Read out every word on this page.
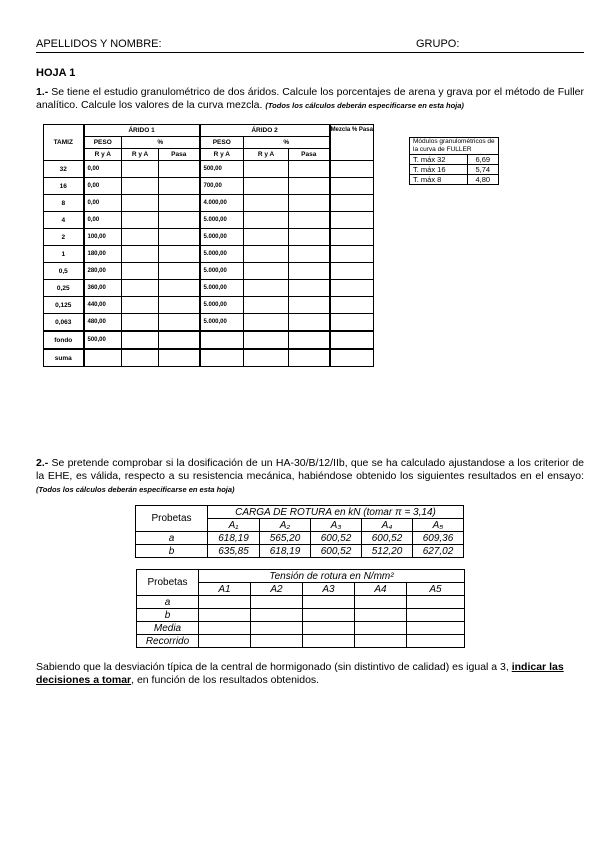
APELLIDOS Y NOMBRE:	GRUPO:
HOJA 1
1.- Se tiene el estudio granulométrico de dos áridos. Calcule los porcentajes de arena y grava por el método de Fuller analítico. Calcule los valores de la curva mezcla. (Todos los cálculos deberán especificarse en esta hoja)
TAMIZ	ÁRIDO 1			ÁRIDO 2			Mezcla % Pasa
	PESO	%		PESO	%		
	R y A	R y A	Pasa	R y A	R y A	Pasa	
32	0,00			500,00			
16	0,00			700,00			
8	0,00			4.000,00			
4	0,00			5.000,00			
2	100,00			5.000,00			
1	180,00			5.000,00			
0,5	280,00			5.000,00			
0,25	360,00			5.000,00			
0,125	440,00			5.000,00			
0,063	480,00			5.000,00			
fondo	500,00						
suma							
Módulos granulométricos de la curva de FULLER	
T. máx 32	6,69
T. máx 16	5,74
T. máx 8	4,80
2.- Se pretende comprobar si la dosificación de un HA-30/B/12/IIb, que se ha calculado ajustandose a los criterior de la EHE, es válida, respecto a su resistencia mecánica, habiéndose obtenido los siguientes resultados en el ensayo: (Todos los cálculos deberán especificarse en esta hoja)
Probetas	CARGA DE ROTURA en kN (tomar π = 3,14)				
	A₁	A₂	A₃	A₄	A₅
a	618,19	565,20	600,52	600,52	609,36
b	635,85	618,19	600,52	512,20	627,02
Probetas	Tensión de rotura en N/mm²				
	A1	A2	A3	A4	A5
a					
b					
Media					
Recorrido					
Sabiendo que la desviación típica de la central de hormigonado (sin distintivo de calidad) es igual a 3, indicar las decisiones a tomar, en función de los resultados obtenidos.
